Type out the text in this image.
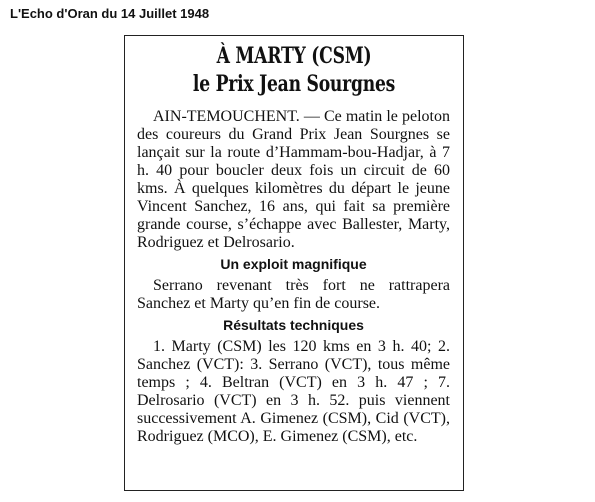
L'Echo d'Oran du 14 Juillet 1948
À MARTY (CSM)
le Prix Jean Sourgnes

AIN-TEMOUCHENT. — Ce matin le peloton des coureurs du Grand Prix Jean Sourgnes se lançait sur la route d’Hammam-bou-Hadjar, à 7 h. 40 pour boucler deux fois un circuit de 60 kms. À quelques kilomètres du départ le jeune Vincent Sanchez, 16 ans, qui fait sa première grande course, s’échappe avec Ballester, Marty, Rodriguez et Delrosario.

Un exploit magnifique

Serrano revenant très fort ne rattrapera Sanchez et Marty qu’en fin de course.

Résultats techniques

1. Marty (CSM) les 120 kms en 3 h. 40; 2. Sanchez (VCT): 3. Serrano (VCT), tous même temps ; 4. Beltran (VCT) en 3 h. 47 ; 7. Delrosario (VCT) en 3 h. 52. puis viennent successivement A. Gimenez (CSM), Cid (VCT), Rodriguez (MCO), E. Gimenez (CSM), etc.
